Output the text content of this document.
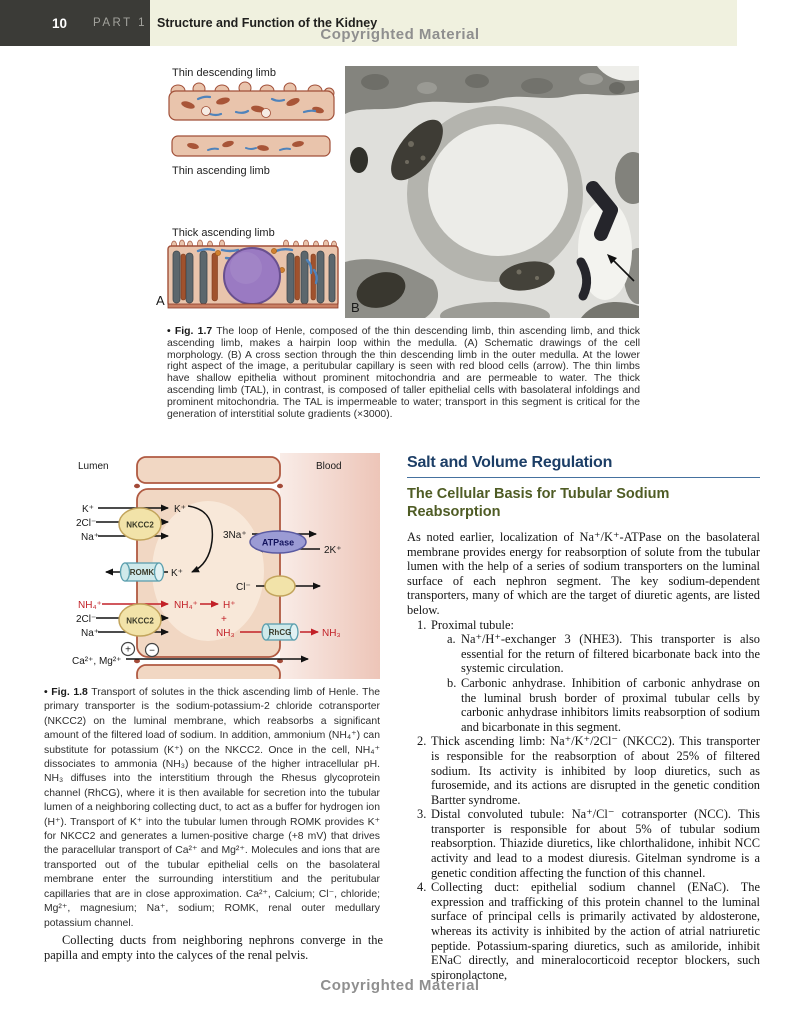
10 PART 1 Structure and Function of the Kidney
Copyrighted Material
Thin descending limb
Thin ascending limb
Thick ascending limb
A	B
• Fig. 1.7 The loop of Henle, composed of the thin descending limb, thin ascending limb, and thick ascending limb, makes a hairpin loop within the medulla. (A) Schematic drawings of the cell morphology. (B) A cross section through the thin descending limb in the outer medulla. At the lower right aspect of the image, a peritubular capillary is seen with red blood cells (arrow). The thin limbs have shallow epithelia without prominent mitochondria and are permeable to water. The thick ascending limb (TAL), in contrast, is composed of taller epithelial cells with basolateral infoldings and prominent mitochondria. The TAL is impermeable to water; transport in this segment is critical for the generation of interstitial solute gradients (×3000).
Lumen	Blood
NKCC2
K⁺
2Cl⁻
Na⁺
K⁺
ROMK K⁺
ATPase
3Na⁺
2K⁺
Cl⁻
NKCC2
NH₄⁺
2Cl⁻
Na⁺
NH₄⁺	H⁺
+
NH₃	RhCG	NH₃
+ −
Ca²⁺, Mg²⁺
• Fig. 1.8 Transport of solutes in the thick ascending limb of Henle. The primary transporter is the sodium-potassium-2 chloride cotransporter (NKCC2) on the luminal membrane, which reabsorbs a significant amount of the filtered load of sodium. In addition, ammonium (NH₄⁺) can substitute for potassium (K⁺) on the NKCC2. Once in the cell, NH₄⁺ dissociates to ammonia (NH₃) because of the higher intracellular pH. NH₃ diffuses into the interstitium through the Rhesus glycoprotein channel (RhCG), where it is then available for secretion into the tubular lumen of a neighboring collecting duct, to act as a buffer for hydrogen ion (H⁺). Transport of K⁺ into the tubular lumen through ROMK provides K⁺ for NKCC2 and generates a lumen-positive charge (+8 mV) that drives the paracellular transport of Ca²⁺ and Mg²⁺. Molecules and ions that are transported out of the tubular epithelial cells on the basolateral membrane enter the surrounding interstitium and the peritubular capillaries that are in close approximation. Ca²⁺, Calcium; Cl⁻, chloride; Mg²⁺, magnesium; Na⁺, sodium; ROMK, renal outer medullary potassium channel.
Collecting ducts from neighboring nephrons converge in the papilla and empty into the calyces of the renal pelvis.
Salt and Volume Regulation
The Cellular Basis for Tubular Sodium Reabsorption

As noted earlier, localization of Na⁺/K⁺-ATPase on the basolateral membrane provides energy for reabsorption of solute from the tubular lumen with the help of a series of sodium transporters on the luminal surface of each nephron segment. The key sodium-dependent transporters, many of which are the target of diuretic agents, are listed below.

1. Proximal tubule:
a. Na⁺/H⁺-exchanger 3 (NHE3). This transporter is also essential for the return of filtered bicarbonate back into the systemic circulation.
b. Carbonic anhydrase. Inhibition of carbonic anhydrase on the luminal brush border of proximal tubular cells by carbonic anhydrase inhibitors limits reabsorption of sodium and bicarbonate in this segment.
2. Thick ascending limb: Na⁺/K⁺/2Cl⁻ (NKCC2). This transporter is responsible for the reabsorption of about 25% of filtered sodium. Its activity is inhibited by loop diuretics, such as furosemide, and its actions are disrupted in the genetic condition Bartter syndrome.
3. Distal convoluted tubule: Na⁺/Cl⁻ cotransporter (NCC). This transporter is responsible for about 5% of tubular sodium reabsorption. Thiazide diuretics, like chlorthalidone, inhibit NCC activity and lead to a modest diuresis. Gitelman syndrome is a genetic condition affecting the function of this channel.
4. Collecting duct: epithelial sodium channel (ENaC). The expression and trafficking of this protein channel to the luminal surface of principal cells is primarily activated by aldosterone, whereas its activity is inhibited by the action of atrial natriuretic peptide. Potassium-sparing diuretics, such as amiloride, inhibit ENaC directly, and mineralocorticoid receptor blockers, such spironolactone,
Copyrighted Material
